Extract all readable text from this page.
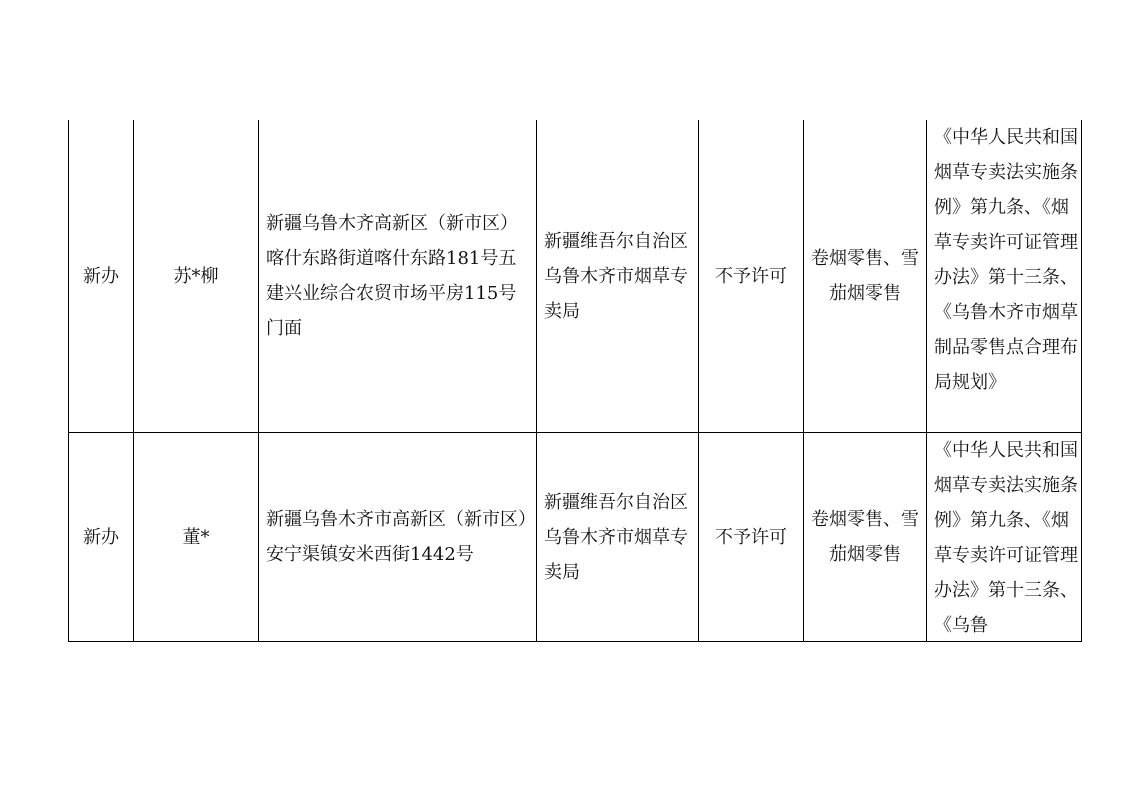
新办	苏*柳	新疆乌鲁木齐高新区（新市区）喀什东路街道喀什东路181号五建兴业综合农贸市场平房115号门面	新疆维吾尔自治区乌鲁木齐市烟草专卖局	不予许可	卷烟零售、雪茄烟零售	《中华人民共和国烟草专卖法实施条例》第九条、《烟草专卖许可证管理办法》第十三条、《乌鲁木齐市烟草制品零售点合理布局规划》

新办	董*	新疆乌鲁木齐市高新区（新市区）安宁渠镇安米西街1442号	新疆维吾尔自治区乌鲁木齐市烟草专卖局	不予许可	卷烟零售、雪茄烟零售	《中华人民共和国烟草专卖法实施条例》第九条、《烟草专卖许可证管理办法》第十三条、《乌鲁
